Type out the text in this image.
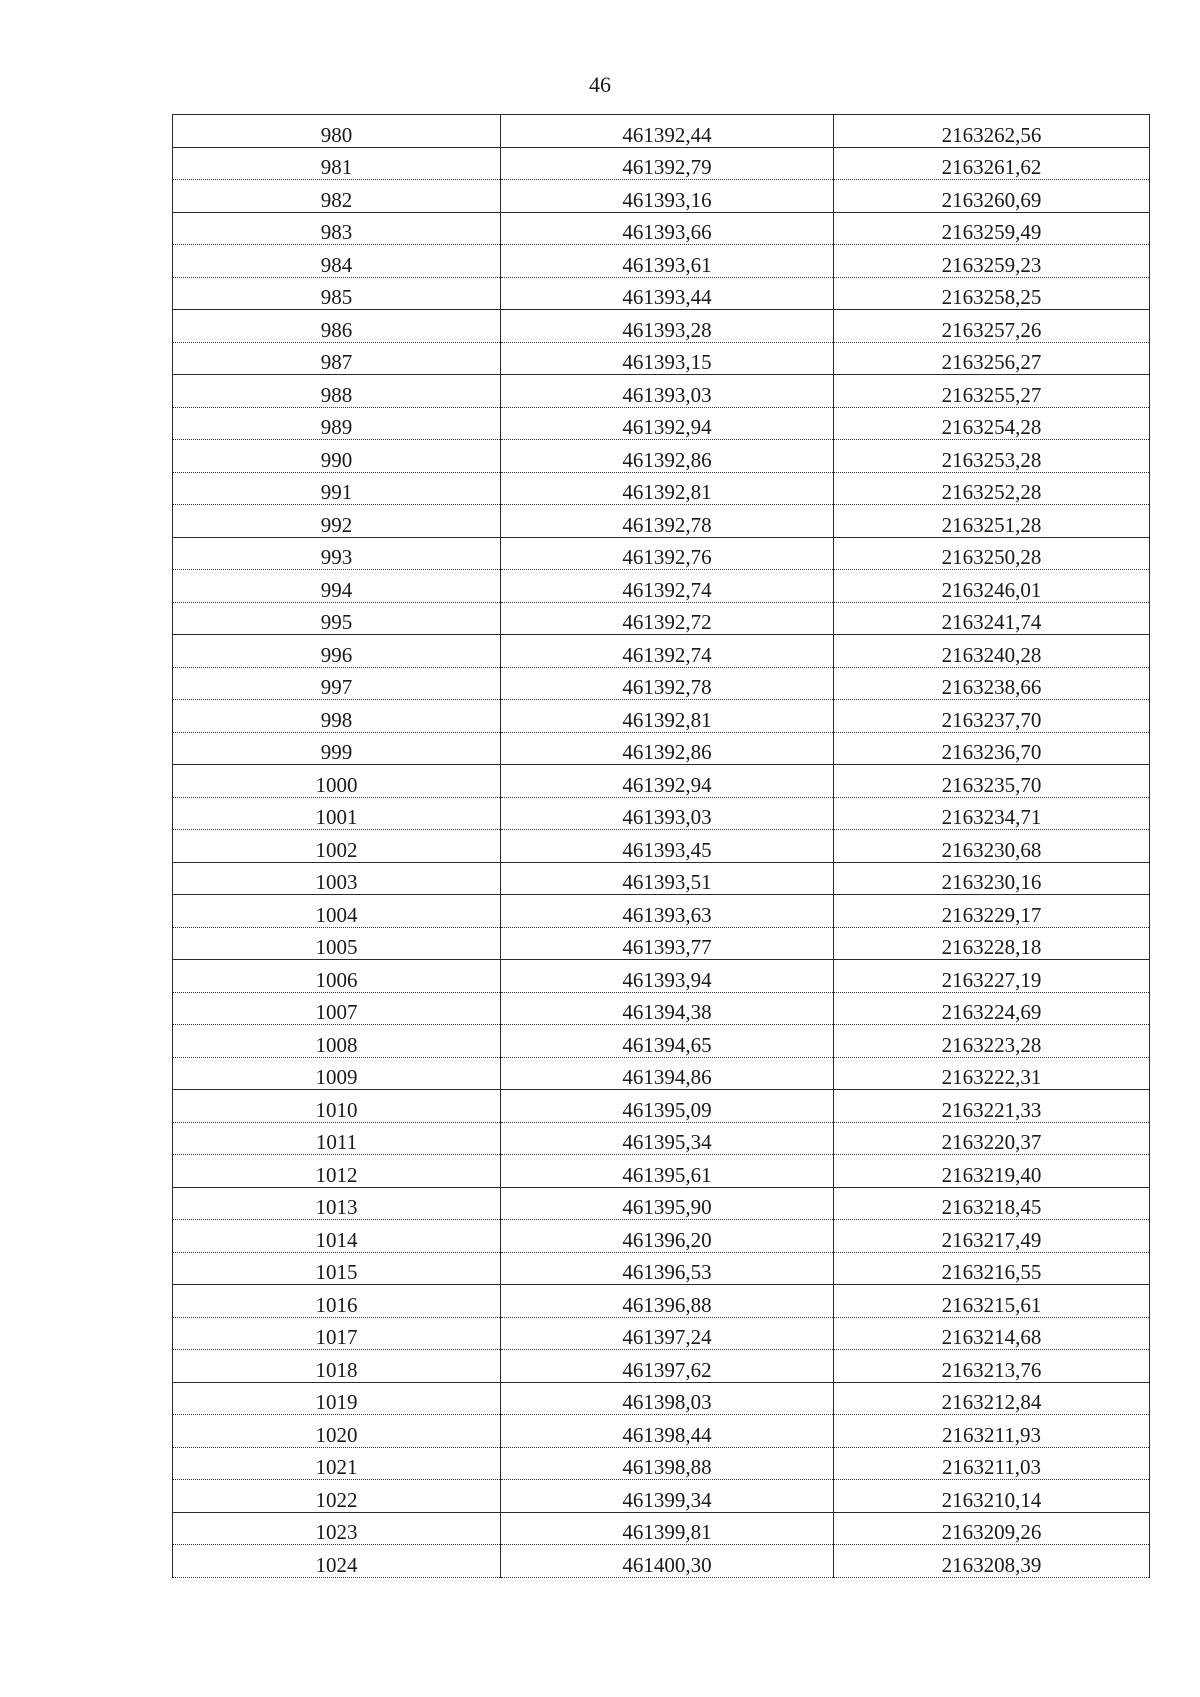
46
980	461392,44	2163262,56
981	461392,79	2163261,62
982	461393,16	2163260,69
983	461393,66	2163259,49
984	461393,61	2163259,23
985	461393,44	2163258,25
986	461393,28	2163257,26
987	461393,15	2163256,27
988	461393,03	2163255,27
989	461392,94	2163254,28
990	461392,86	2163253,28
991	461392,81	2163252,28
992	461392,78	2163251,28
993	461392,76	2163250,28
994	461392,74	2163246,01
995	461392,72	2163241,74
996	461392,74	2163240,28
997	461392,78	2163238,66
998	461392,81	2163237,70
999	461392,86	2163236,70
1000	461392,94	2163235,70
1001	461393,03	2163234,71
1002	461393,45	2163230,68
1003	461393,51	2163230,16
1004	461393,63	2163229,17
1005	461393,77	2163228,18
1006	461393,94	2163227,19
1007	461394,38	2163224,69
1008	461394,65	2163223,28
1009	461394,86	2163222,31
1010	461395,09	2163221,33
1011	461395,34	2163220,37
1012	461395,61	2163219,40
1013	461395,90	2163218,45
1014	461396,20	2163217,49
1015	461396,53	2163216,55
1016	461396,88	2163215,61
1017	461397,24	2163214,68
1018	461397,62	2163213,76
1019	461398,03	2163212,84
1020	461398,44	2163211,93
1021	461398,88	2163211,03
1022	461399,34	2163210,14
1023	461399,81	2163209,26
1024	461400,30	2163208,39
